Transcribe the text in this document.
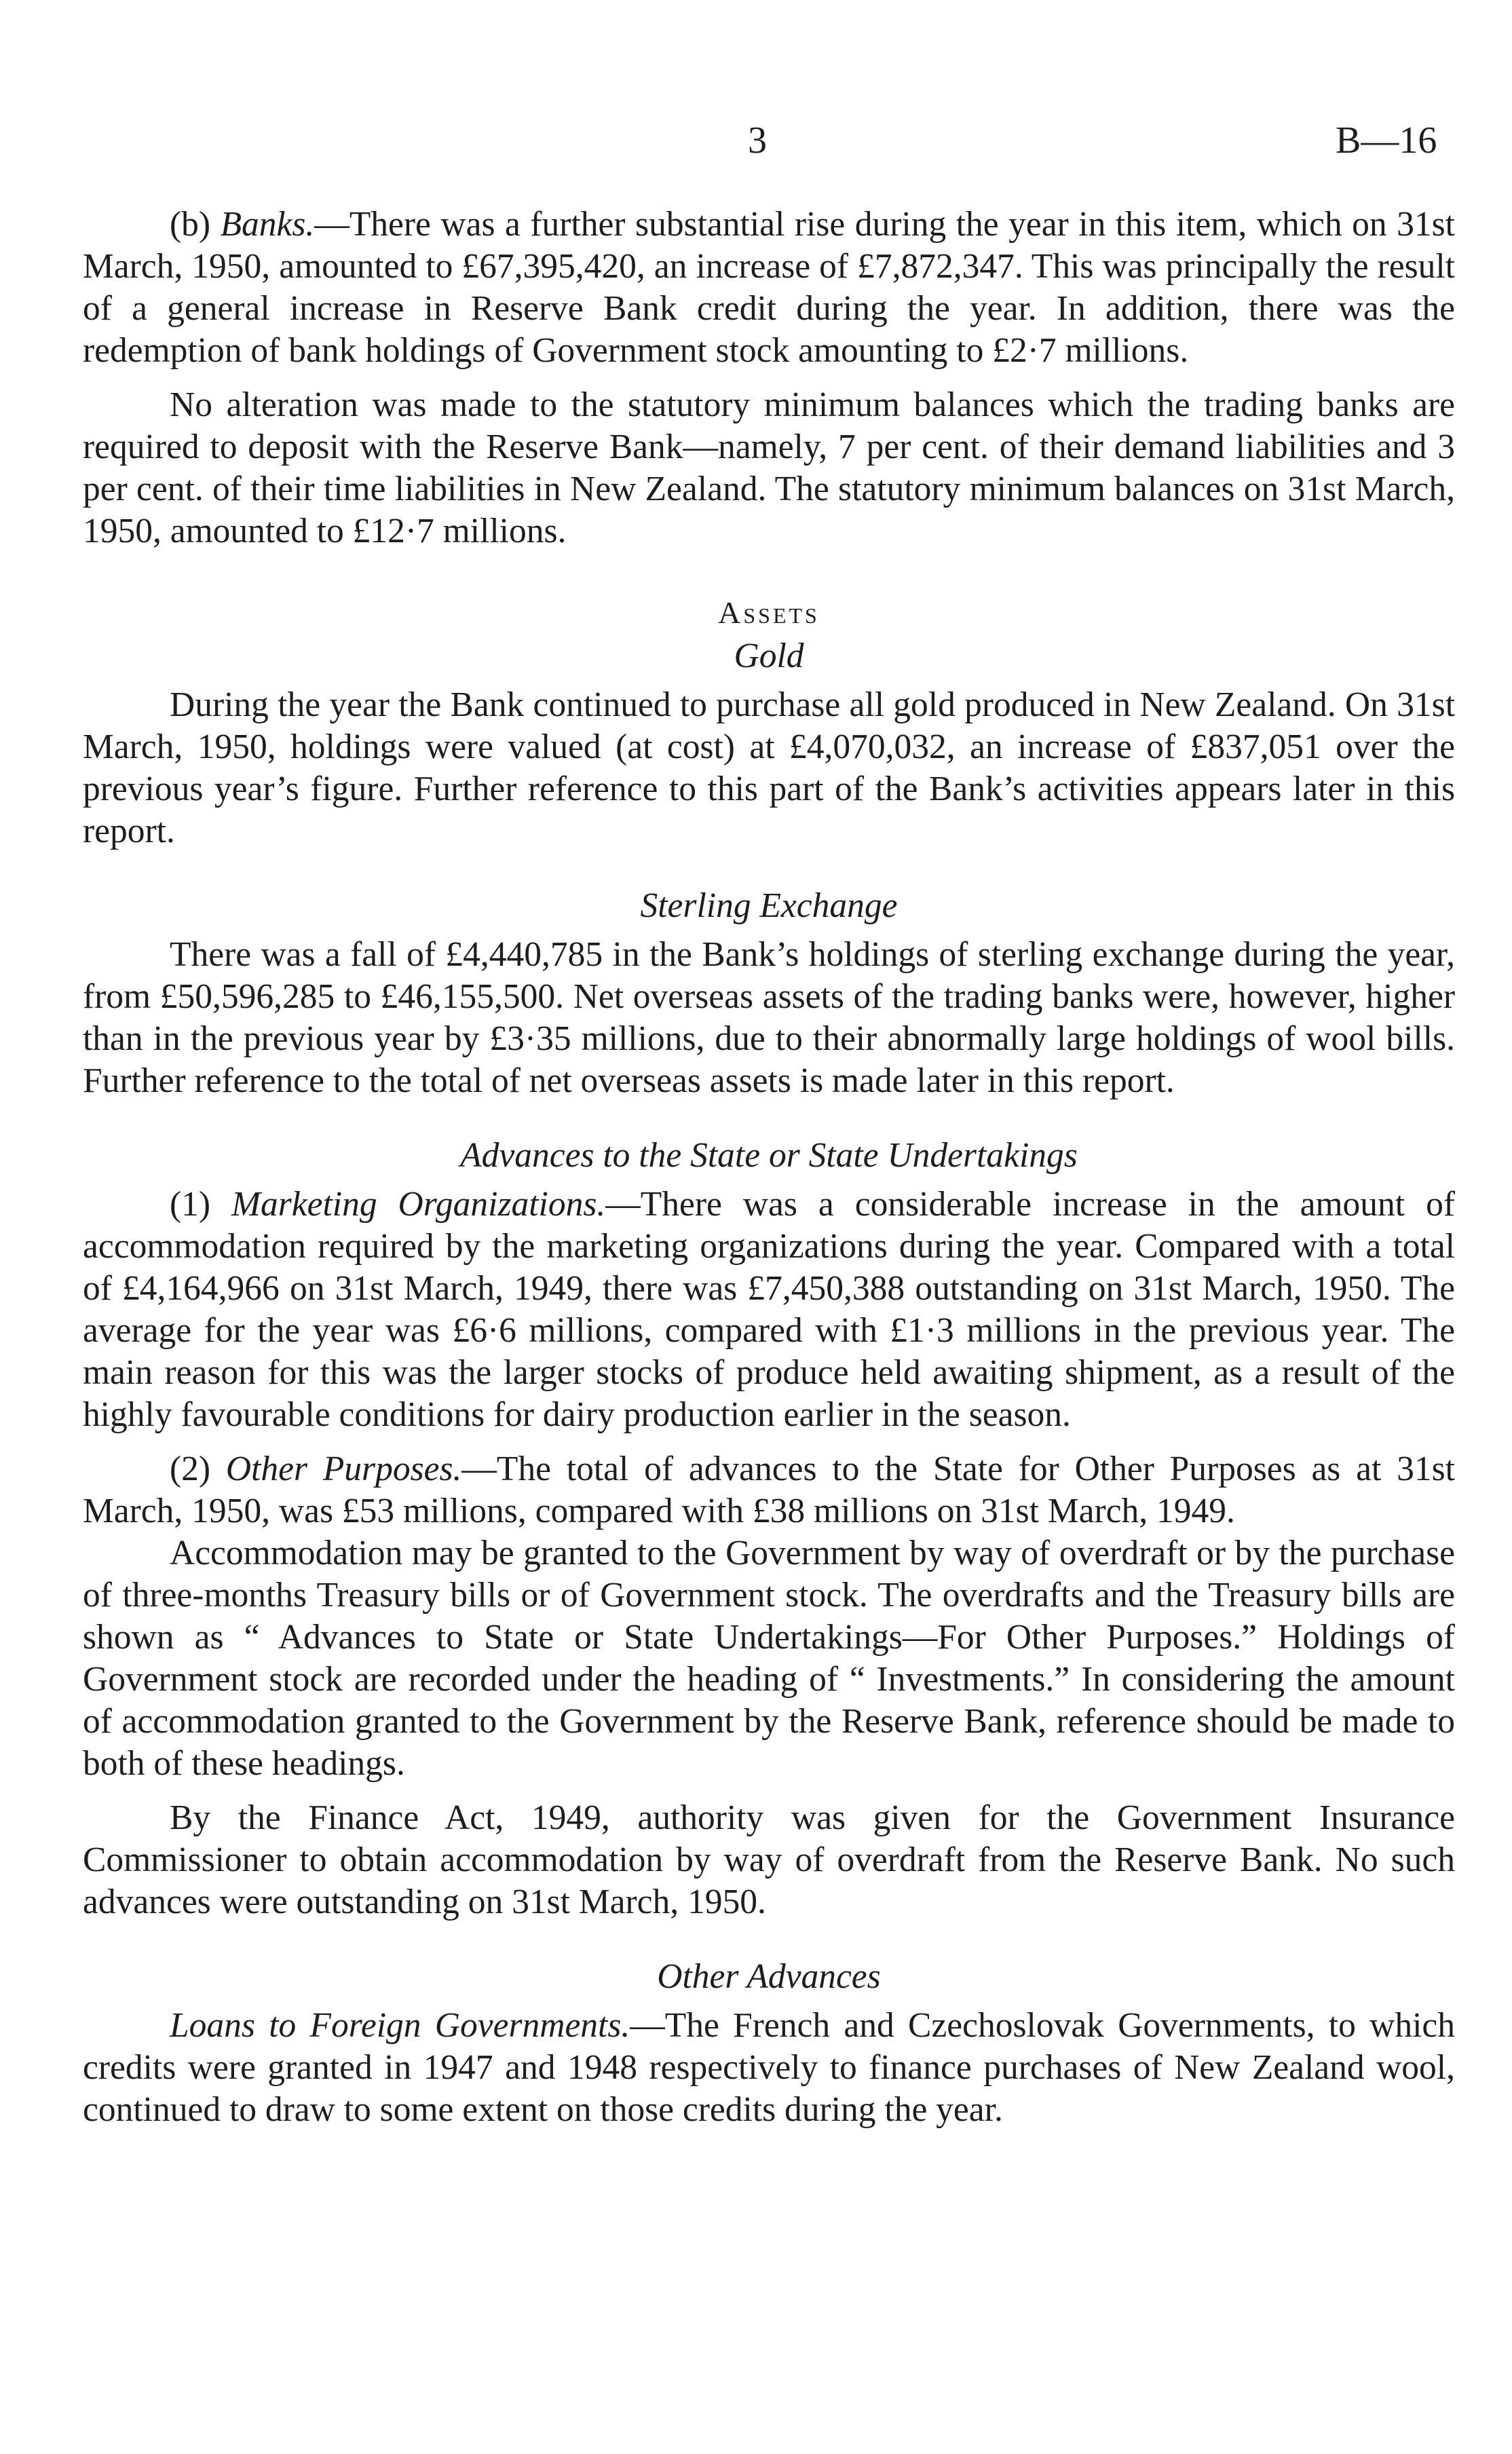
3	B—16

(b) Banks.—There was a further substantial rise during the year in this item, which on 31st March, 1950, amounted to £67,395,420, an increase of £7,872,347. This was principally the result of a general increase in Reserve Bank credit during the year. In addition, there was the redemption of bank holdings of Government stock amounting to £2·7 millions.

No alteration was made to the statutory minimum balances which the trading banks are required to deposit with the Reserve Bank—namely, 7 per cent. of their demand liabilities and 3 per cent. of their time liabilities in New Zealand. The statutory minimum balances on 31st March, 1950, amounted to £12·7 millions.

Assets
Gold

During the year the Bank continued to purchase all gold produced in New Zealand. On 31st March, 1950, holdings were valued (at cost) at £4,070,032, an increase of £837,051 over the previous year’s figure. Further reference to this part of the Bank’s activities appears later in this report.

Sterling Exchange

There was a fall of £4,440,785 in the Bank’s holdings of sterling exchange during the year, from £50,596,285 to £46,155,500. Net overseas assets of the trading banks were, however, higher than in the previous year by £3·35 millions, due to their abnormally large holdings of wool bills. Further reference to the total of net overseas assets is made later in this report.

Advances to the State or State Undertakings

(1) Marketing Organizations.—There was a considerable increase in the amount of accommodation required by the marketing organizations during the year. Compared with a total of £4,164,966 on 31st March, 1949, there was £7,450,388 outstanding on 31st March, 1950. The average for the year was £6·6 millions, compared with £1·3 millions in the previous year. The main reason for this was the larger stocks of produce held awaiting shipment, as a result of the highly favourable conditions for dairy production earlier in the season.

(2) Other Purposes.—The total of advances to the State for Other Purposes as at 31st March, 1950, was £53 millions, compared with £38 millions on 31st March, 1949.

Accommodation may be granted to the Government by way of overdraft or by the purchase of three-months Treasury bills or of Government stock. The overdrafts and the Treasury bills are shown as “ Advances to State or State Undertakings—For Other Purposes.” Holdings of Government stock are recorded under the heading of “ Investments.” In considering the amount of accommodation granted to the Government by the Reserve Bank, reference should be made to both of these headings.

By the Finance Act, 1949, authority was given for the Government Insurance Commissioner to obtain accommodation by way of overdraft from the Reserve Bank. No such advances were outstanding on 31st March, 1950.

Other Advances

Loans to Foreign Governments.—The French and Czechoslovak Governments, to which credits were granted in 1947 and 1948 respectively to finance purchases of New Zealand wool, continued to draw to some extent on those credits during the year.
